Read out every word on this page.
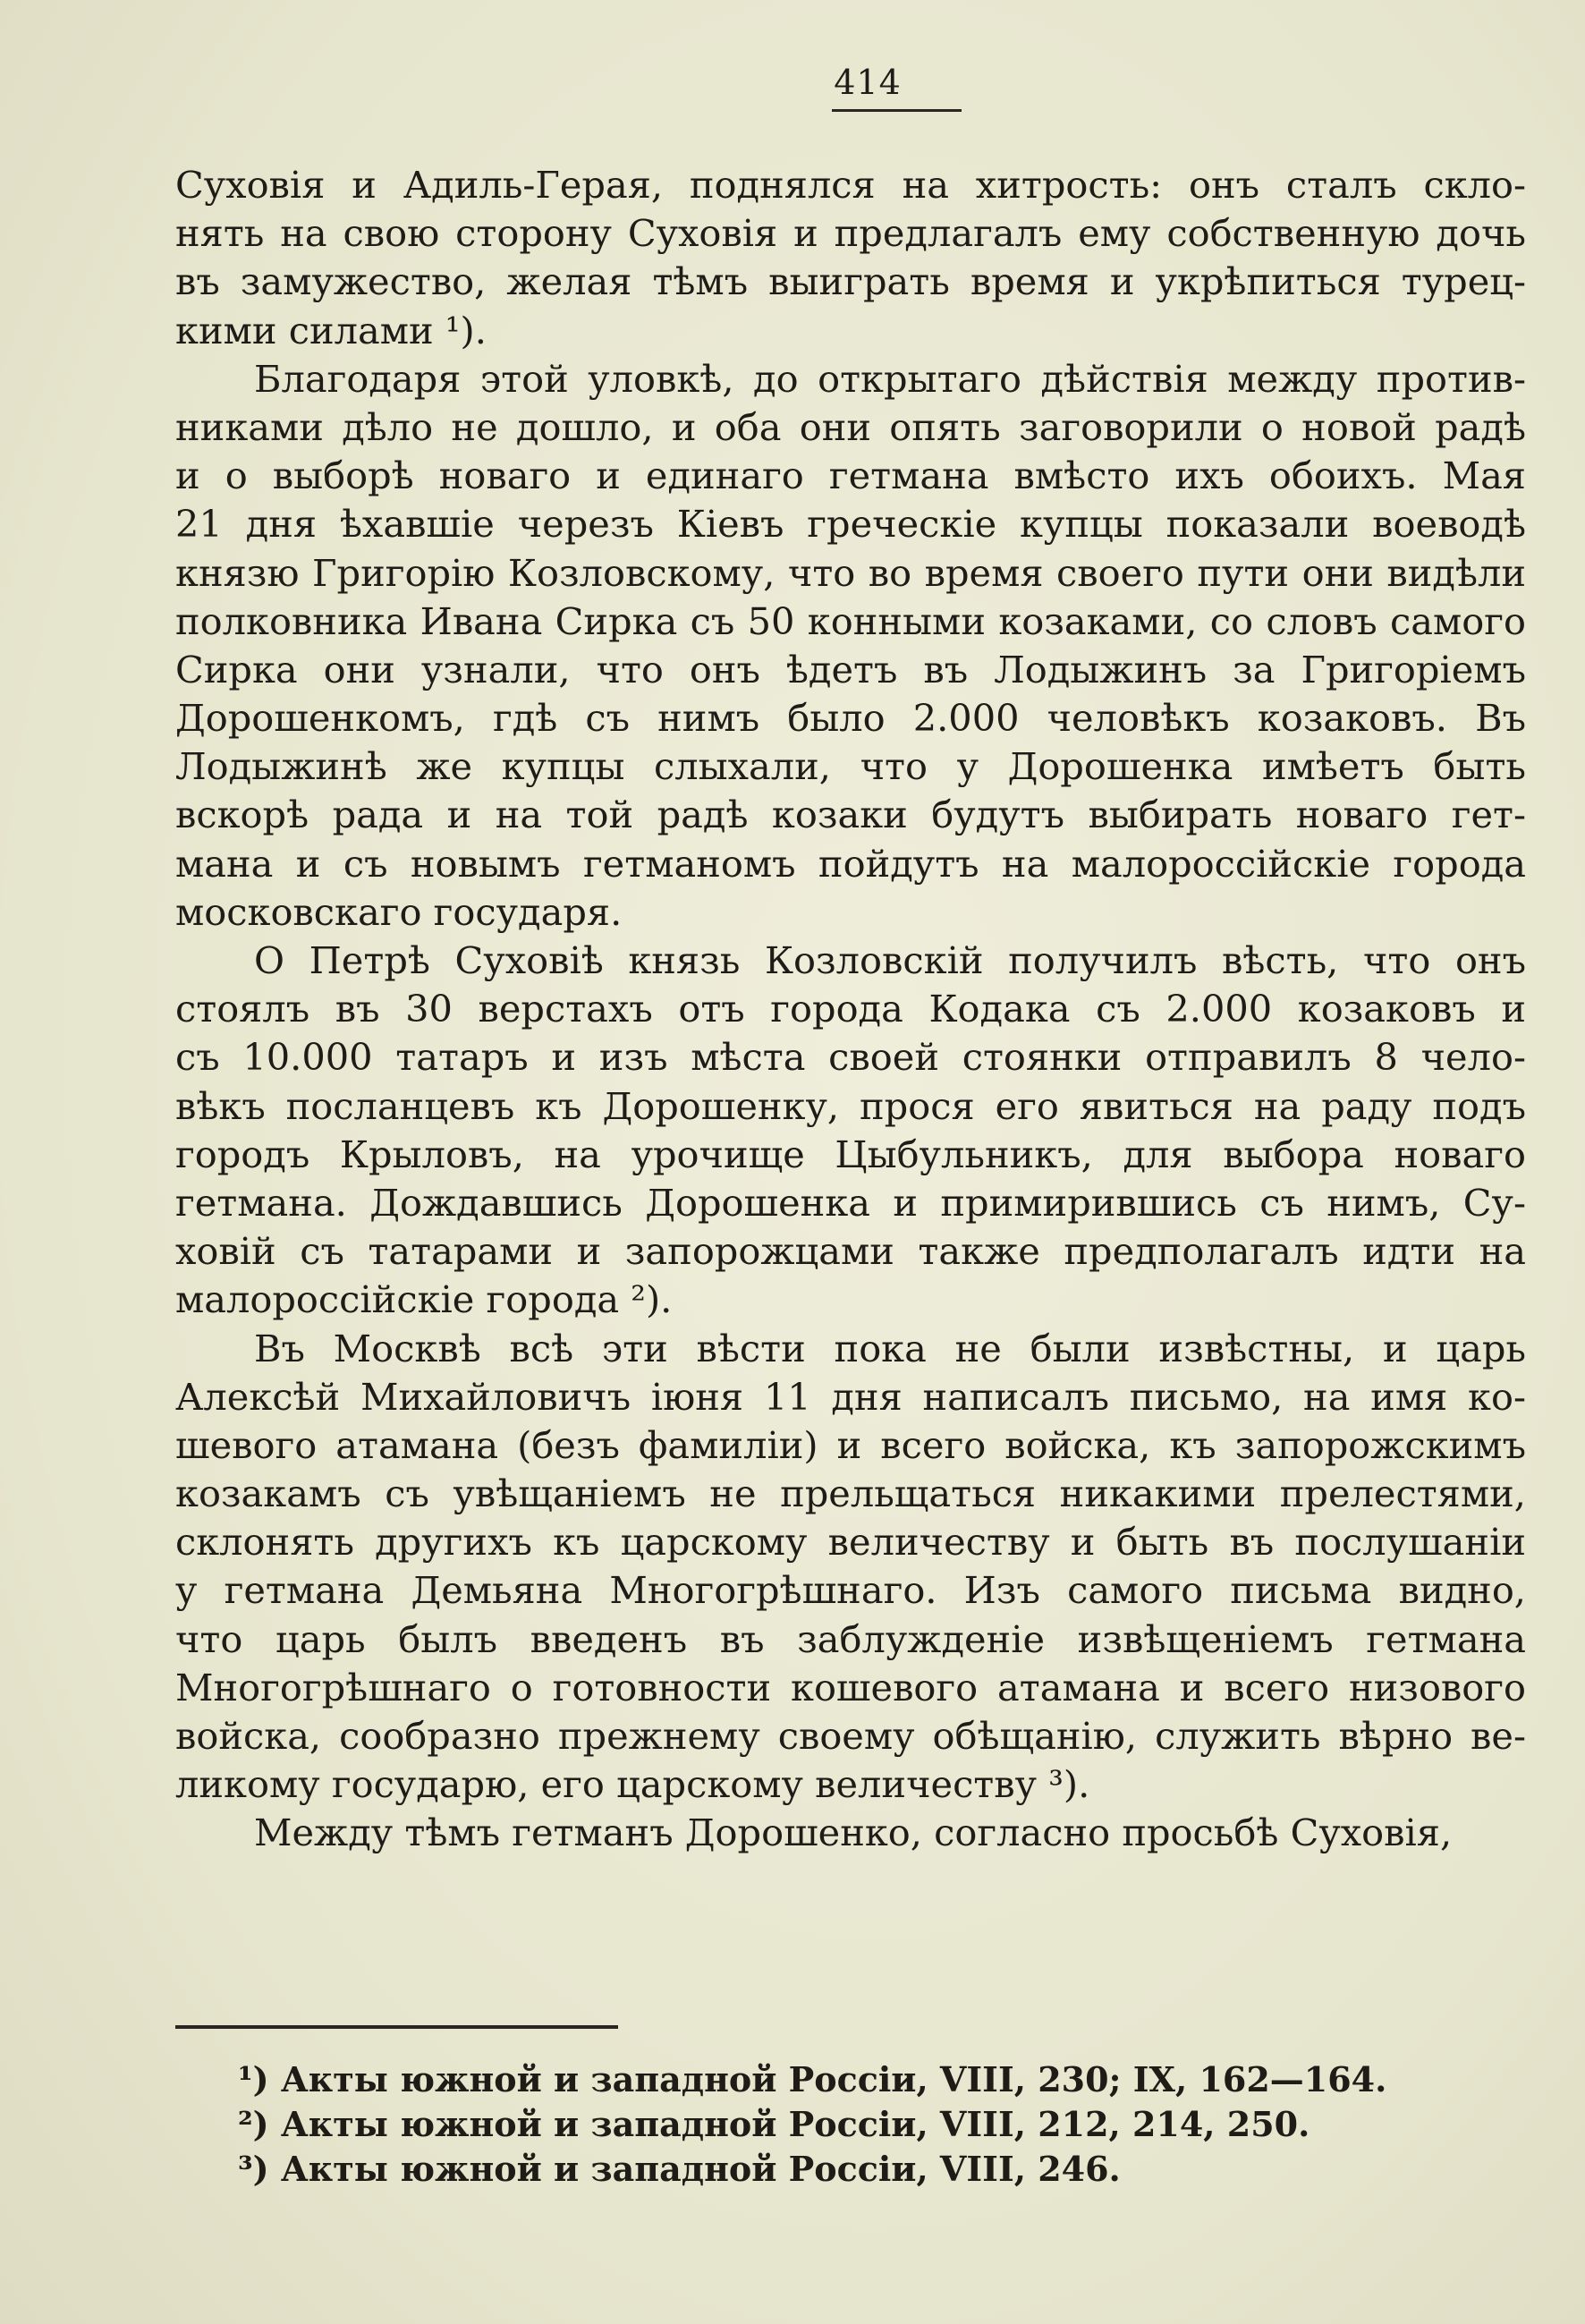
414
Суховія и Адиль-Герая, поднялся на хитрость: онъ сталъ скло-
нять на свою сторону Суховія и предлагалъ ему собственную дочь
въ замужество, желая тѣмъ выиграть время и укрѣпиться турец-
кими силами ¹).
Благодаря этой уловкѣ, до открытаго дѣйствія между против-
никами дѣло не дошло, и оба они опять заговорили о новой радѣ
и о выборѣ новаго и единаго гетмана вмѣсто ихъ обоихъ. Мая
21 дня ѣхавшіе черезъ Кіевъ греческіе купцы показали воеводѣ
князю Григорію Козловскому, что во время своего пути они видѣли
полковника Ивана Сирка съ 50 конными козаками, со словъ самого
Сирка они узнали, что онъ ѣдетъ въ Лодыжинъ за Григоріемъ
Дорошенкомъ, гдѣ съ нимъ было 2.000 человѣкъ козаковъ. Въ
Лодыжинѣ же купцы слыхали, что у Дорошенка имѣетъ быть
вскорѣ рада и на той радѣ козаки будутъ выбирать новаго гет-
мана и съ новымъ гетманомъ пойдутъ на малороссійскіе города
московскаго государя.
О Петрѣ Суховіѣ князь Козловскій получилъ вѣсть, что онъ
стоялъ въ 30 верстахъ отъ города Кодака съ 2.000 козаковъ и
съ 10.000 татаръ и изъ мѣста своей стоянки отправилъ 8 чело-
вѣкъ посланцевъ къ Дорошенку, прося его явиться на раду подъ
городъ Крыловъ, на урочище Цыбульникъ, для выбора новаго
гетмана. Дождавшись Дорошенка и примирившись съ нимъ, Су-
ховій съ татарами и запорожцами также предполагалъ идти на
малороссійскіе города ²).
Въ Москвѣ всѣ эти вѣсти пока не были извѣстны, и царь
Алексѣй Михайловичъ іюня 11 дня написалъ письмо, на имя ко-
шевого атамана (безъ фамиліи) и всего войска, къ запорожскимъ
козакамъ съ увѣщаніемъ не прельщаться никакими прелестями,
склонять другихъ къ царскому величеству и быть въ послушаніи
у гетмана Демьяна Многогрѣшнаго. Изъ самого письма видно,
что царь былъ введенъ въ заблужденіе извѣщеніемъ гетмана
Многогрѣшнаго о готовности кошевого атамана и всего низового
войска, сообразно прежнему своему обѣщанію, служить вѣрно ве-
ликому государю, его царскому величеству ³).
Между тѣмъ гетманъ Дорошенко, согласно просьбѣ Суховія,
¹) Акты южной и западной Россіи, VIII, 230; IX, 162—164.
²) Акты южной и западной Россіи, VIII, 212, 214, 250.
³) Акты южной и западной Россіи, VIII, 246.
